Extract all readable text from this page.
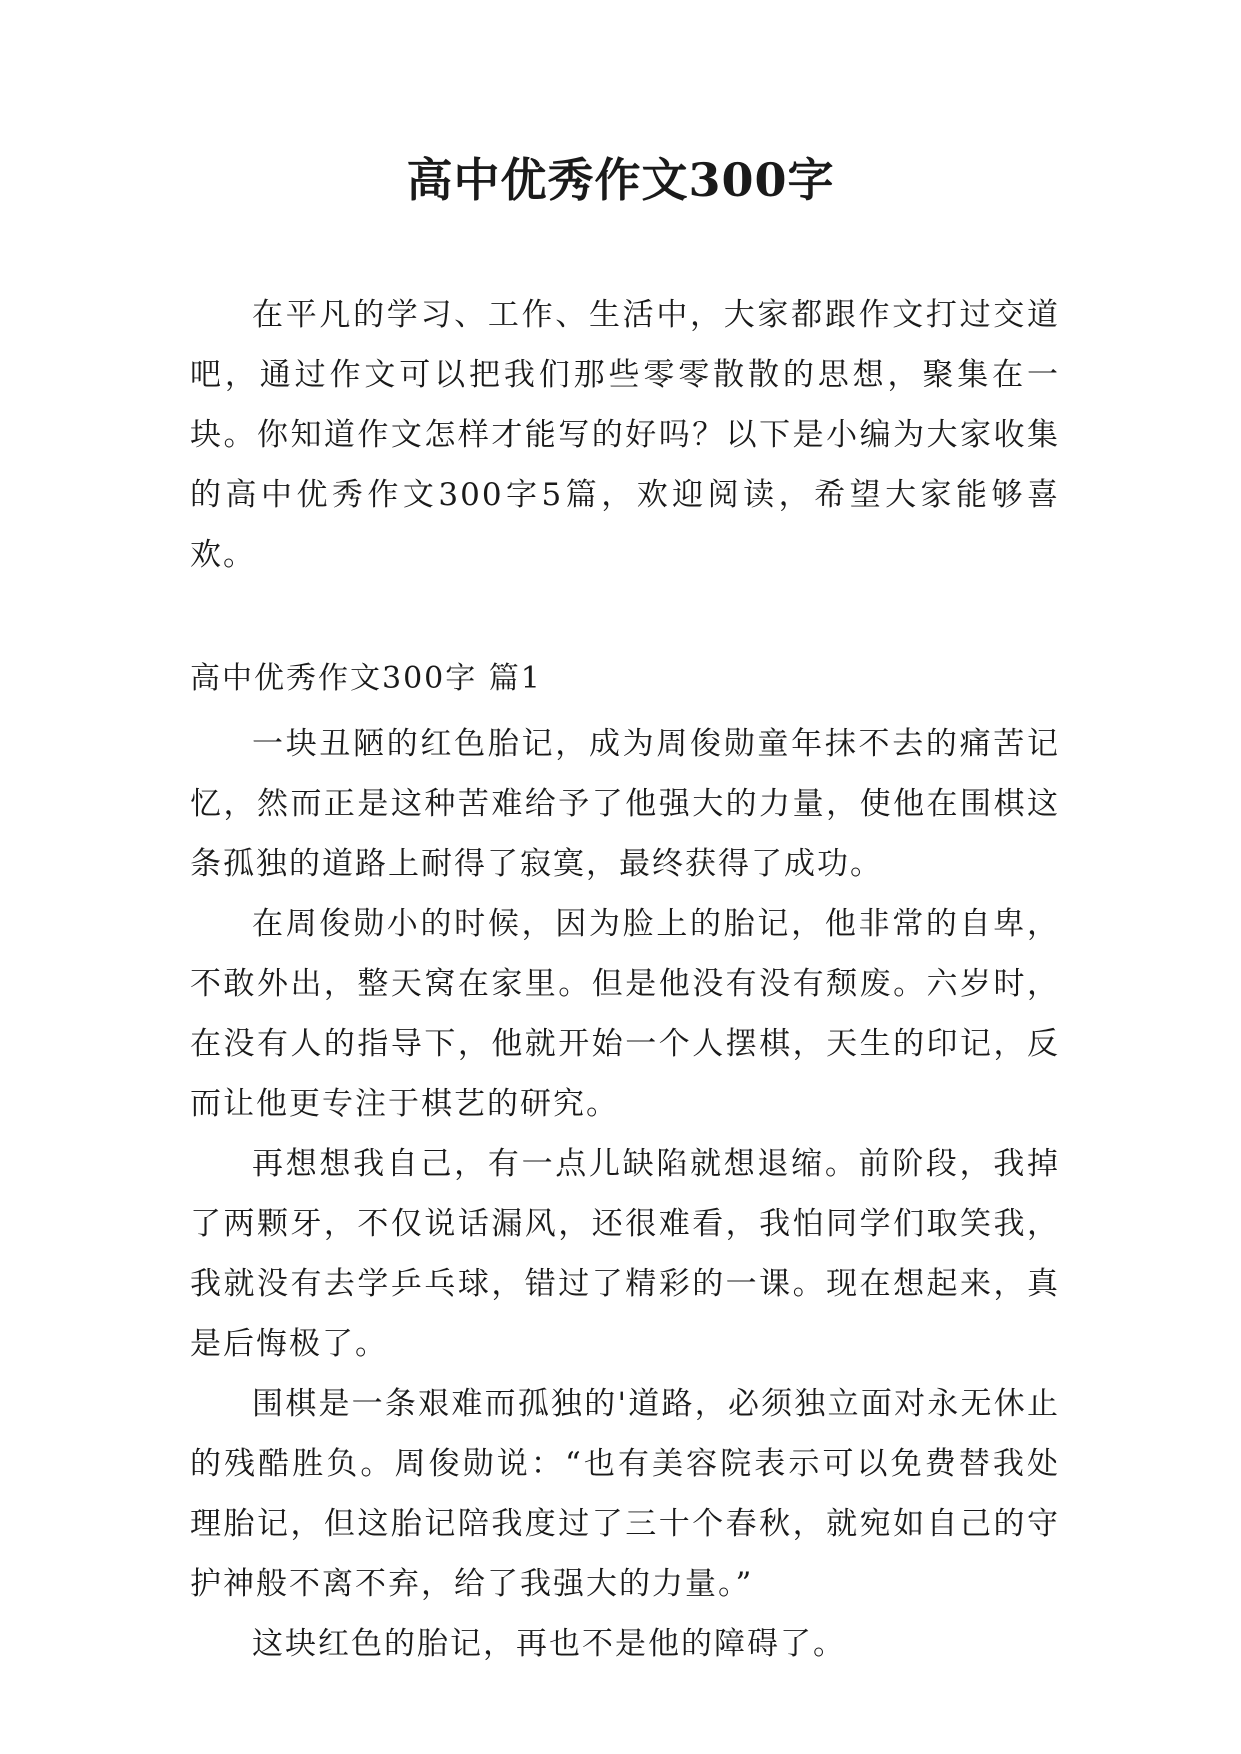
高中优秀作文300字

在平凡的学习、工作、生活中，大家都跟作文打过交道吧，通过作文可以把我们那些零零散散的思想，聚集在一块。你知道作文怎样才能写的好吗？以下是小编为大家收集的高中优秀作文300字5篇，欢迎阅读，希望大家能够喜欢。

高中优秀作文300字 篇1

一块丑陋的红色胎记，成为周俊勋童年抹不去的痛苦记忆，然而正是这种苦难给予了他强大的力量，使他在围棋这条孤独的道路上耐得了寂寞，最终获得了成功。

在周俊勋小的时候，因为脸上的胎记，他非常的自卑，不敢外出，整天窝在家里。但是他没有没有颓废。六岁时，在没有人的指导下，他就开始一个人摆棋，天生的印记，反而让他更专注于棋艺的研究。

再想想我自己，有一点儿缺陷就想退缩。前阶段，我掉了两颗牙，不仅说话漏风，还很难看，我怕同学们取笑我，我就没有去学乒乓球，错过了精彩的一课。现在想起来，真是后悔极了。

围棋是一条艰难而孤独的'道路，必须独立面对永无休止的残酷胜负。周俊勋说：“也有美容院表示可以免费替我处理胎记，但这胎记陪我度过了三十个春秋，就宛如自己的守护神般不离不弃，给了我强大的力量。”

这块红色的胎记，再也不是他的障碍了。
